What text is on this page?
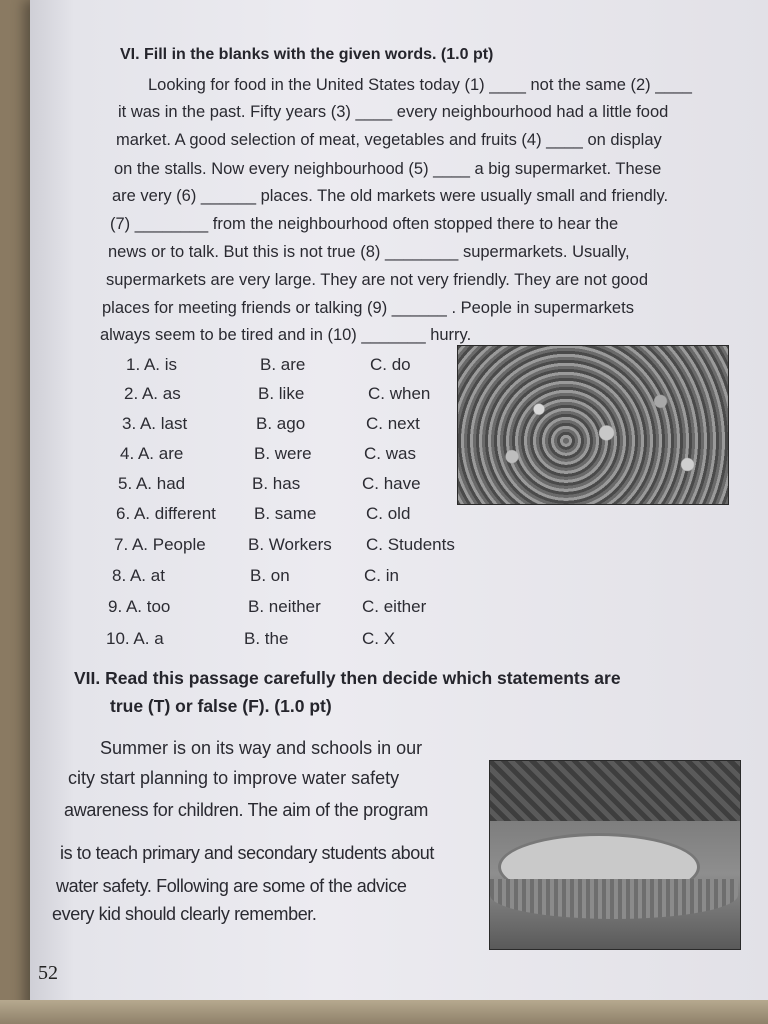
VI. Fill in the blanks with the given words. (1.0 pt)
Looking for food in the United States today (1) ____ not the same (2) ____
it was in the past. Fifty years (3) ____ every neighbourhood had a little food
market. A good selection of meat, vegetables and fruits (4) ____ on display
on the stalls. Now every neighbourhood (5) ____ a big supermarket. These
are very (6) ______ places. The old markets were usually small and friendly.
(7) ________ from the neighbourhood often stopped there to hear the
news or to talk. But this is not true (8) ________ supermarkets. Usually,
supermarkets are very large. They are not very friendly. They are not good
places for meeting friends or talking (9) ______ . People in supermarkets
always seem to be tired and in (10) _______ hurry.
1. A. is	B. are	C. do
2. A. as	B. like	C. when
3. A. last	B. ago	C. next
4. A. are	B. were	C. was
5. A. had	B. has	C. have
6. A. different B. same	C. old
7. A. People B. Workers C. Students
8. A. at	B. on	C. in
9. A. too	B. neither C. either
10. A. a	B. the	C. X
VII. Read this passage carefully then decide which statements are
true (T) or false (F). (1.0 pt)
Summer is on its way and schools in our
city start planning to improve water safety
awareness for children. The aim of the program
is to teach primary and secondary students about
water safety. Following are some of the advice
every kid should clearly remember.
52
